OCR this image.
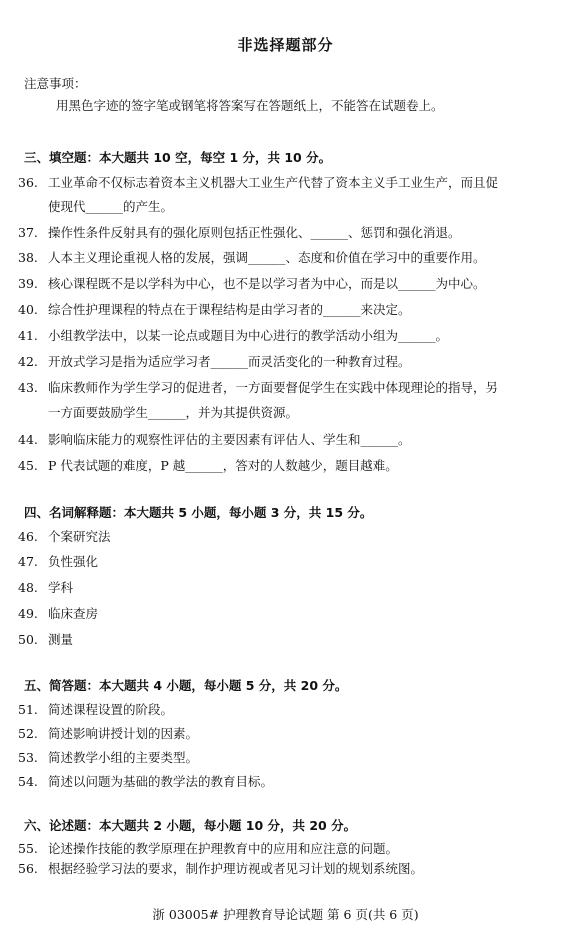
非选择题部分
注意事项：
用黑色字迹的签字笔或钢笔将答案写在答题纸上，不能答在试题卷上。
三、填空题：本大题共 10 空，每空 1 分，共 10 分。
36. 工业革命不仅标志着资本主义机器大工业生产代替了资本主义手工业生产，而且促
使现代______的产生。
37. 操作性条件反射具有的强化原则包括正性强化、______、惩罚和强化消退。
38. 人本主义理论重视人格的发展，强调______、态度和价值在学习中的重要作用。
39. 核心课程既不是以学科为中心，也不是以学习者为中心，而是以______为中心。
40. 综合性护理课程的特点在于课程结构是由学习者的______来决定。
41. 小组教学法中，以某一论点或题目为中心进行的教学活动小组为______。
42. 开放式学习是指为适应学习者______而灵活变化的一种教育过程。
43. 临床教师作为学生学习的促进者，一方面要督促学生在实践中体现理论的指导，另
一方面要鼓励学生______，并为其提供资源。
44. 影响临床能力的观察性评估的主要因素有评估人、学生和______。
45. P 代表试题的难度，P 越______，答对的人数越少，题目越难。
四、名词解释题：本大题共 5 小题，每小题 3 分，共 15 分。
46. 个案研究法
47. 负性强化
48. 学科
49. 临床查房
50. 测量
五、简答题：本大题共 4 小题，每小题 5 分，共 20 分。
51. 简述课程设置的阶段。
52. 简述影响讲授计划的因素。
53. 简述教学小组的主要类型。
54. 简述以问题为基础的教学法的教育目标。
六、论述题：本大题共 2 小题，每小题 10 分，共 20 分。
55. 论述操作技能的教学原理在护理教育中的应用和应注意的问题。
56. 根据经验学习法的要求，制作护理访视或者见习计划的规划系统图。
浙 03005# 护理教育导论试题 第 6 页(共 6 页)
